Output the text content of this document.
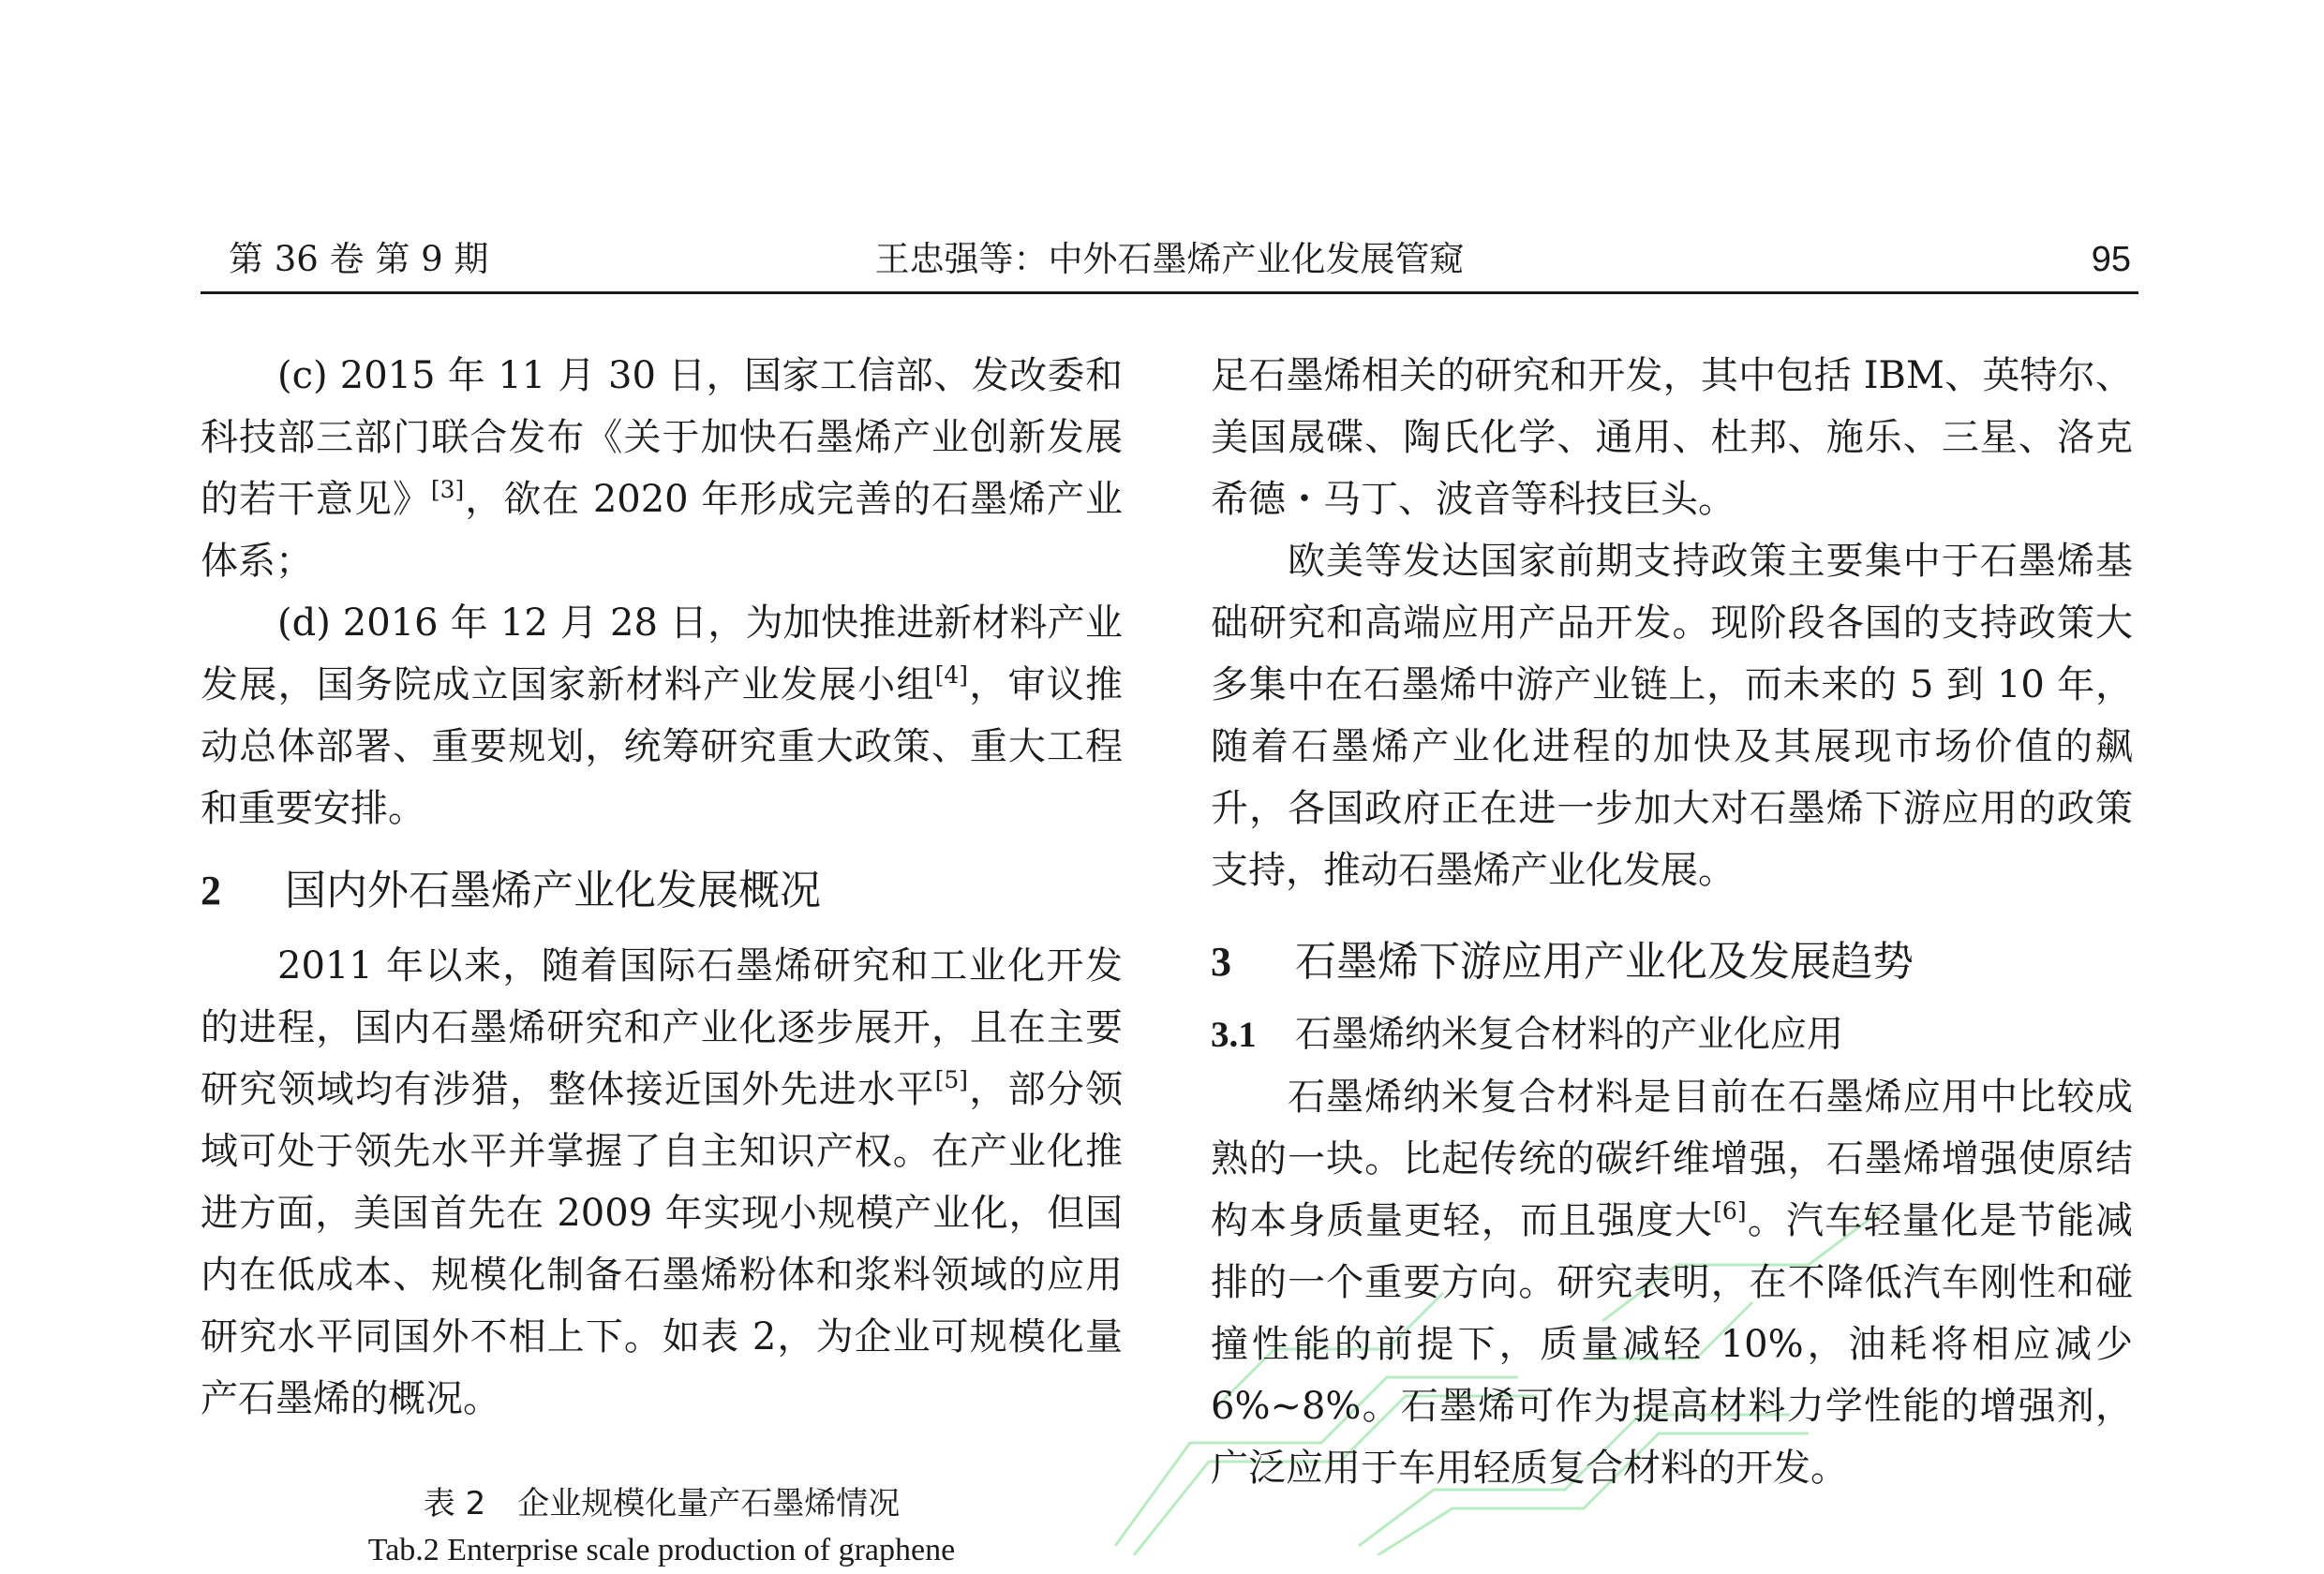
第 36 卷 第 9 期	王忠强等：中外石墨烯产业化发展管窥	95

(c) 2015 年 11 月 30 日，国家工信部、发改委和科技部三部门联合发布《关于加快石墨烯产业创新发展的若干意见》[3]，欲在 2020 年形成完善的石墨烯产业体系；

(d) 2016 年 12 月 28 日，为加快推进新材料产业发展，国务院成立国家新材料产业发展小组[4]，审议推动总体部署、重要规划，统筹研究重大政策、重大工程和重要安排。

2 国内外石墨烯产业化发展概况

2011 年以来，随着国际石墨烯研究和工业化开发的进程，国内石墨烯研究和产业化逐步展开，且在主要研究领域均有涉猎，整体接近国外先进水平[5]，部分领域可处于领先水平并掌握了自主知识产权。在产业化推进方面，美国首先在 2009 年实现小规模产业化，但国内在低成本、规模化制备石墨烯粉体和浆料领域的应用研究水平同国外不相上下。如表 2，为企业可规模化量产石墨烯的概况。

表 2　企业规模化量产石墨烯情况
Tab.2 Enterprise scale production of graphene

足石墨烯相关的研究和开发，其中包括 IBM、英特尔、美国晟碟、陶氏化学、通用、杜邦、施乐、三星、洛克希德・马丁、波音等科技巨头。

欧美等发达国家前期支持政策主要集中于石墨烯基础研究和高端应用产品开发。现阶段各国的支持政策大多集中在石墨烯中游产业链上，而未来的 5 到 10 年，随着石墨烯产业化进程的加快及其展现市场价值的飙升，各国政府正在进一步加大对石墨烯下游应用的政策支持，推动石墨烯产业化发展。

3 石墨烯下游应用产业化及发展趋势
3.1 石墨烯纳米复合材料的产业化应用

石墨烯纳米复合材料是目前在石墨烯应用中比较成熟的一块。比起传统的碳纤维增强，石墨烯增强使原结构本身质量更轻，而且强度大[6]。汽车轻量化是节能减排的一个重要方向。研究表明，在不降低汽车刚性和碰撞性能的前提下，质量减轻 10%，油耗将相应减少 6%~8%。石墨烯可作为提高材料力学性能的增强剂，广泛应用于车用轻质复合材料的开发。
